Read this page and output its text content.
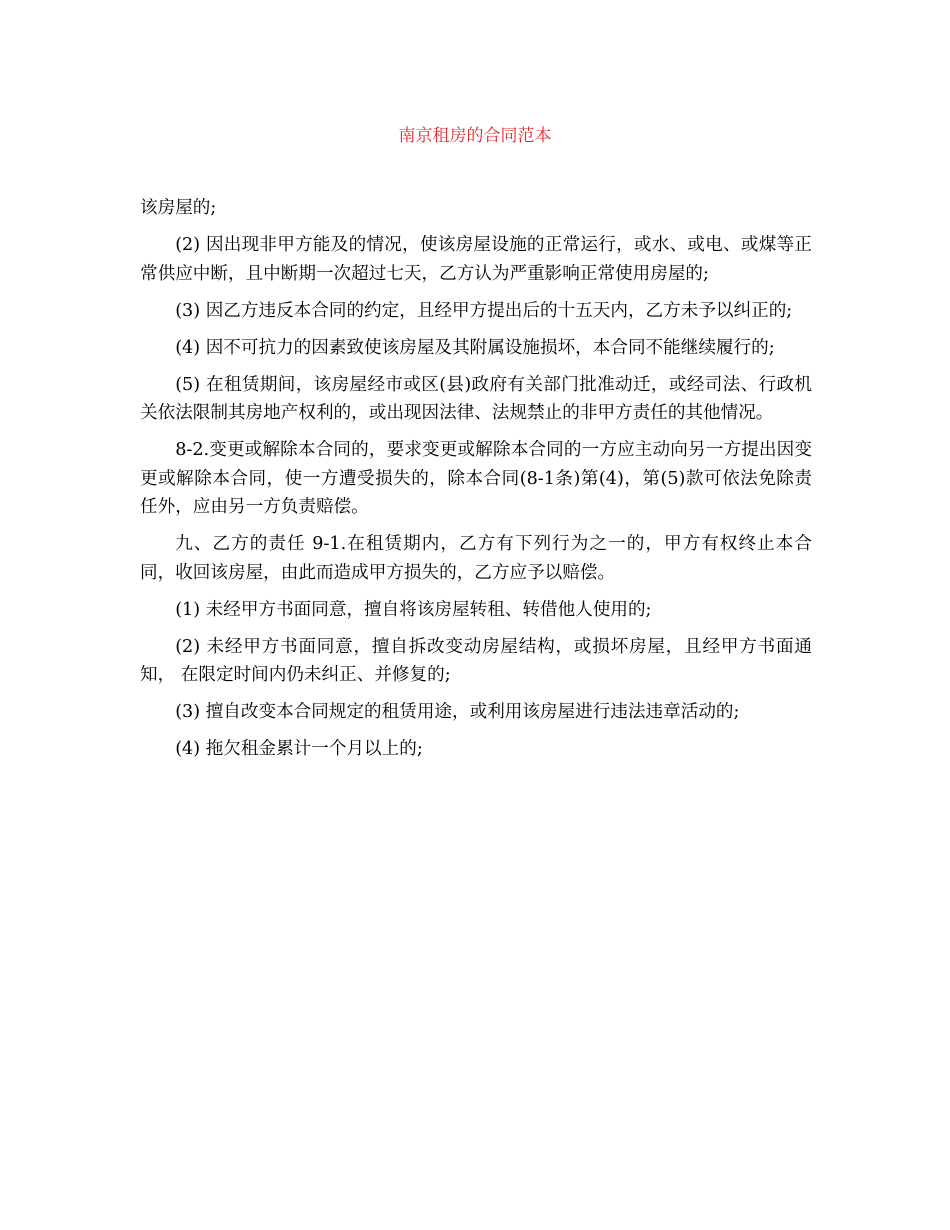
南京租房的合同范本

该房屋的;

(2) 因出现非甲方能及的情况，使该房屋设施的正常运行，或水、或电、或煤等正常供应中断，且中断期一次超过七天，乙方认为严重影响正常使用房屋的;

(3) 因乙方违反本合同的约定，且经甲方提出后的十五天内，乙方未予以纠正的;

(4) 因不可抗力的因素致使该房屋及其附属设施损坏，本合同不能继续履行的;

(5) 在租赁期间，该房屋经市或区(县)政府有关部门批准动迁，或经司法、行政机关依法限制其房地产权利的，或出现因法律、法规禁止的非甲方责任的其他情况。

8-2.变更或解除本合同的，要求变更或解除本合同的一方应主动向另一方提出因变 更或解除本合同，使一方遭受损失的，除本合同(8-1条)第(4)，第(5)款可依法免除责任外，应由另一方负责赔偿。

九、乙方的责任 9-1.在租赁期内，乙方有下列行为之一的，甲方有权终止本合同，收回该房屋，由此而造成甲方损失的，乙方应予以赔偿。

(1) 未经甲方书面同意，擅自将该房屋转租、转借他人使用的;

(2) 未经甲方书面同意，擅自拆改变动房屋结构，或损坏房屋，且经甲方书面通知， 在限定时间内仍未纠正、并修复的;

(3) 擅自改变本合同规定的租赁用途，或利用该房屋进行违法违章活动的;

(4) 拖欠租金累计一个月以上的;
